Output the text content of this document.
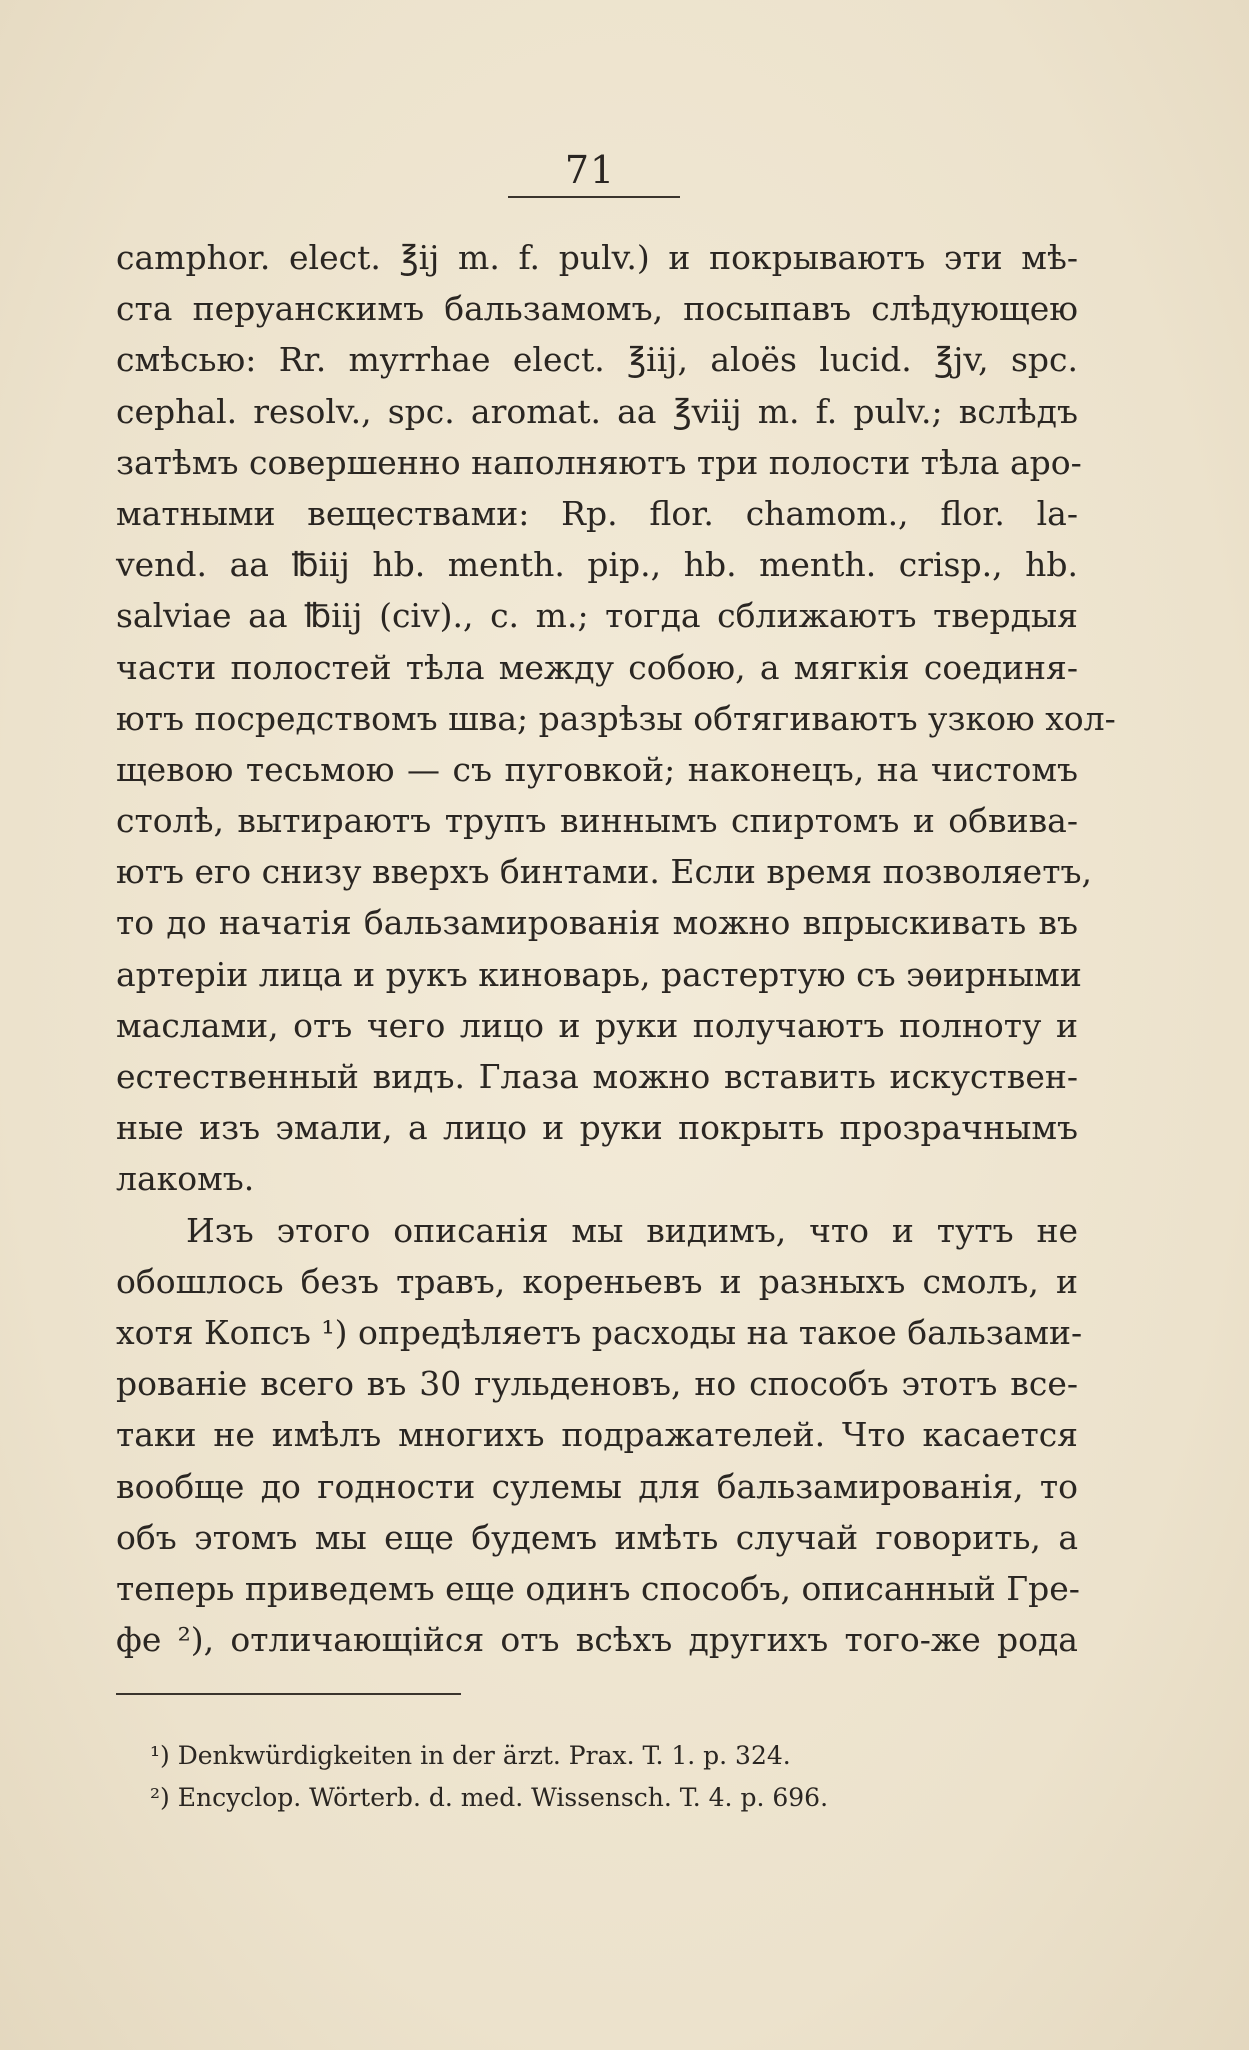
71
camphor. elect. ℥ij m. f. pulv.) и покрываютъ эти мѣ-
ста перуанскимъ бальзамомъ, посыпавъ слѣдующею
смѣсью: Rr. myrrhae elect. ℥iij, aloës lucid. ℥jv, spc.
cephal. resolv., spc. aromat. aa ℥viij m. f. pulv.; вслѣдъ
затѣмъ совершенно наполняютъ три полости тѣла аро-
матными веществами: Rp. flor. chamom., flor. la-
vend. aa ℔iij hb. menth. pip., hb. menth. crisp., hb.
salviae aa ℔iij (civ)., c. m.; тогда сближаютъ твердыя
части полостей тѣла между собою, а мягкія соединя-
ютъ посредствомъ шва; разрѣзы обтягиваютъ узкою хол-
щевою тесьмою — съ пуговкой; наконецъ, на чистомъ
столѣ, вытираютъ трупъ виннымъ спиртомъ и обвива-
ютъ его снизу вверхъ бинтами. Если время позволяетъ,
то до начатія бальзамированія можно впрыскивать въ
артеріи лица и рукъ киноварь, растертую съ эѳирными
маслами, отъ чего лицо и руки получаютъ полноту и
естественный видъ. Глаза можно вставить искуствен-
ные изъ эмали, а лицо и руки покрыть прозрачнымъ
лакомъ.
Изъ этого описанія мы видимъ, что и тутъ не
обошлось безъ травъ, кореньевъ и разныхъ смолъ, и
хотя Копсъ ¹) опредѣляетъ расходы на такое бальзами-
рованіе всего въ 30 гульденовъ, но способъ этотъ все-
таки не имѣлъ многихъ подражателей. Что касается
вообще до годности сулемы для бальзамированія, то
объ этомъ мы еще будемъ имѣть случай говорить, а
теперь приведемъ еще одинъ способъ, описанный Гре-
фе ²), отличающійся отъ всѣхъ другихъ того-же рода
¹) Denkwürdigkeiten in der ärzt. Prax. T. 1. p. 324.
²) Encyclop. Wörterb. d. med. Wissensch. T. 4. p. 696.
